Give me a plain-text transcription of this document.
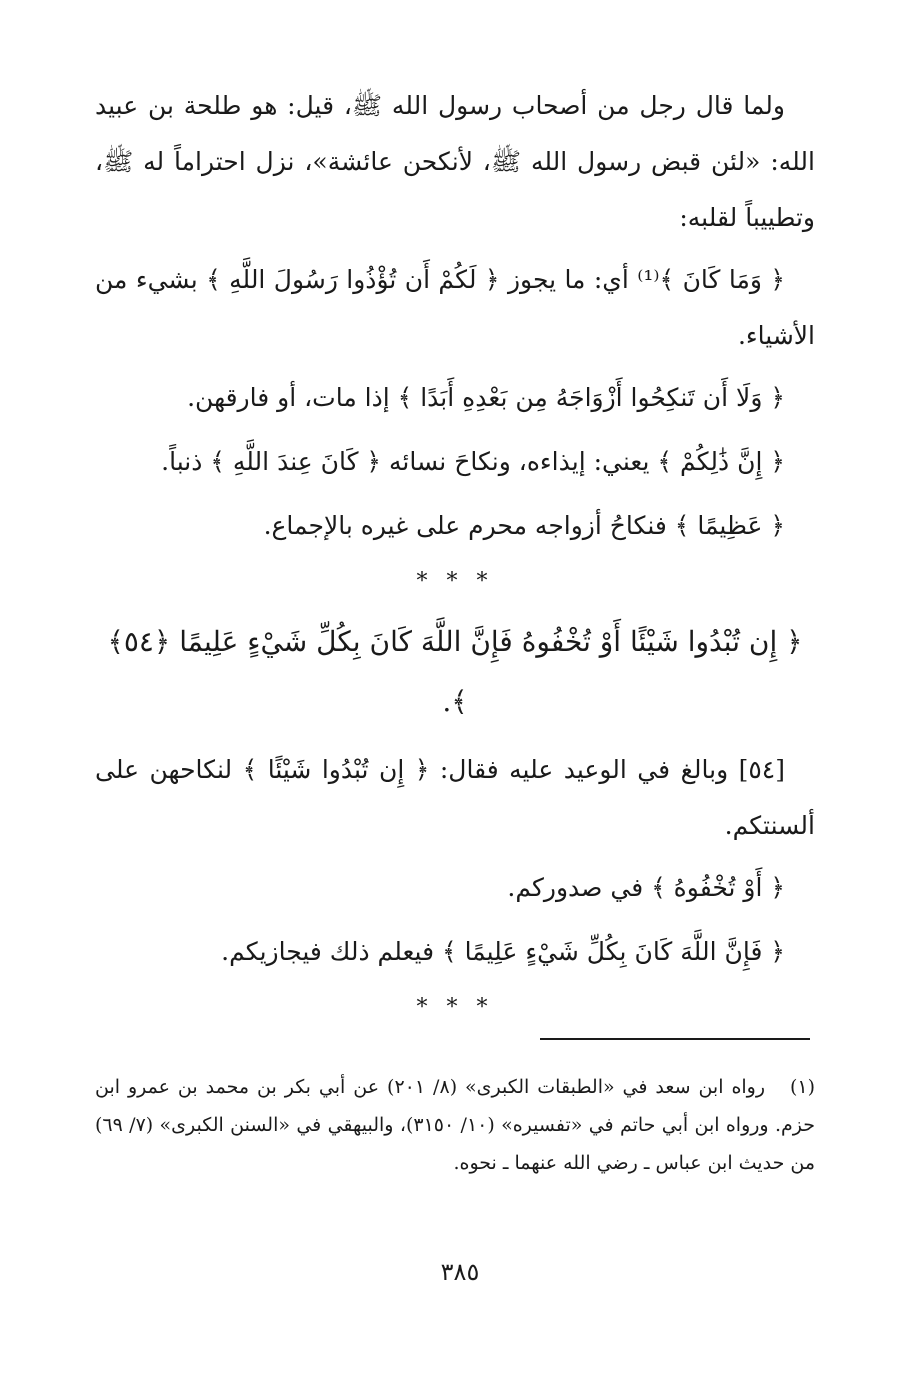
ولما قال رجل من أصحاب رسول الله ﷺ، قيل: هو طلحة بن عبيد الله: «لئن قبض رسول الله ﷺ، لأنكحن عائشة»، نزل احتراماً له ﷺ، وتطييباً لقلبه:

﴿ وَمَا كَانَ ﴾⁽¹⁾ أي: ما يجوز ﴿ لَكُمْ أَن تُؤْذُوا رَسُولَ اللَّهِ ﴾ بشيء من الأشياء.

﴿ وَلَا أَن تَنكِحُوا أَزْوَاجَهُ مِن بَعْدِهِ أَبَدًا ﴾ إذا مات، أو فارقهن.

﴿ إِنَّ ذَٰلِكُمْ ﴾ يعني: إيذاءه، ونكاحَ نسائه ﴿ كَانَ عِندَ اللَّهِ ﴾ ذنباً.

﴿ عَظِيمًا ﴾ فنكاحُ أزواجه محرم على غيره بالإجماع.

* * *
﴿ إِن تُبْدُوا شَيْئًا أَوْ تُخْفُوهُ فَإِنَّ اللَّهَ كَانَ بِكُلِّ شَيْءٍ عَلِيمًا ﴿٥٤﴾ ﴾.

[٥٤] وبالغ في الوعيد عليه فقال: ﴿ إِن تُبْدُوا شَيْئًا ﴾ لنكاحهن على ألسنتكم.

﴿ أَوْ تُخْفُوهُ ﴾ في صدوركم.

﴿ فَإِنَّ اللَّهَ كَانَ بِكُلِّ شَيْءٍ عَلِيمًا ﴾ فيعلم ذلك فيجازيكم.

* * *
(١) رواه ابن سعد في «الطبقات الكبرى» (٨/ ٢٠١) عن أبي بكر بن محمد بن عمرو ابن حزم. ورواه ابن أبي حاتم في «تفسيره» (١٠/ ٣١٥٠)، والبيهقي في «السنن الكبرى» (٧/ ٦٩) من حديث ابن عباس ـ رضي الله عنهما ـ نحوه.
٣٨٥
